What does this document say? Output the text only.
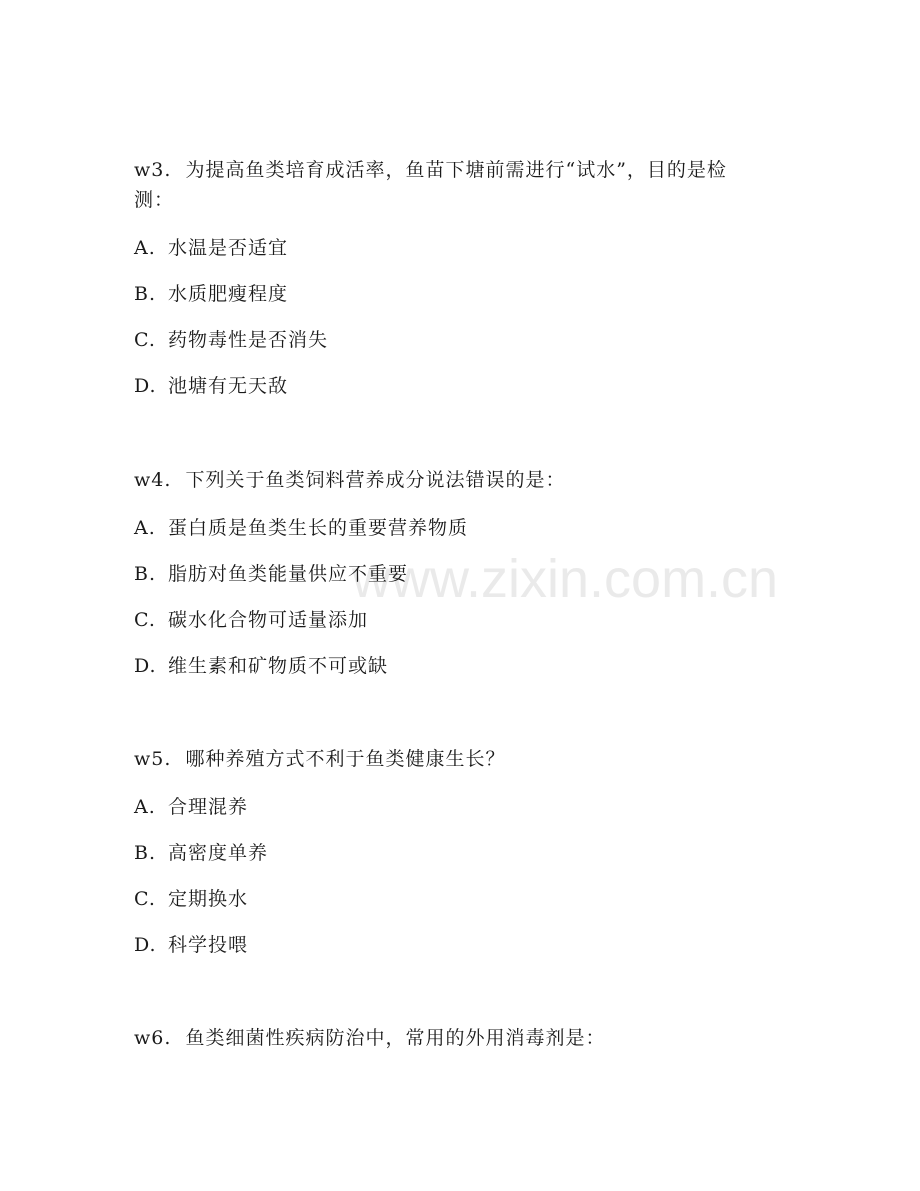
www.zixin.com.cn

w3. 为提高鱼类培育成活率，鱼苗下塘前需进行“试水”，目的是检

测：

A. 水温是否适宜
B. 水质肥瘦程度
C. 药物毒性是否消失
D. 池塘有无天敌

w4. 下列关于鱼类饲料营养成分说法错误的是：

A. 蛋白质是鱼类生长的重要营养物质
B. 脂肪对鱼类能量供应不重要
C. 碳水化合物可适量添加
D. 维生素和矿物质不可或缺

w5. 哪种养殖方式不利于鱼类健康生长？

A. 合理混养
B. 高密度单养
C. 定期换水
D. 科学投喂

w6. 鱼类细菌性疾病防治中，常用的外用消毒剂是：
